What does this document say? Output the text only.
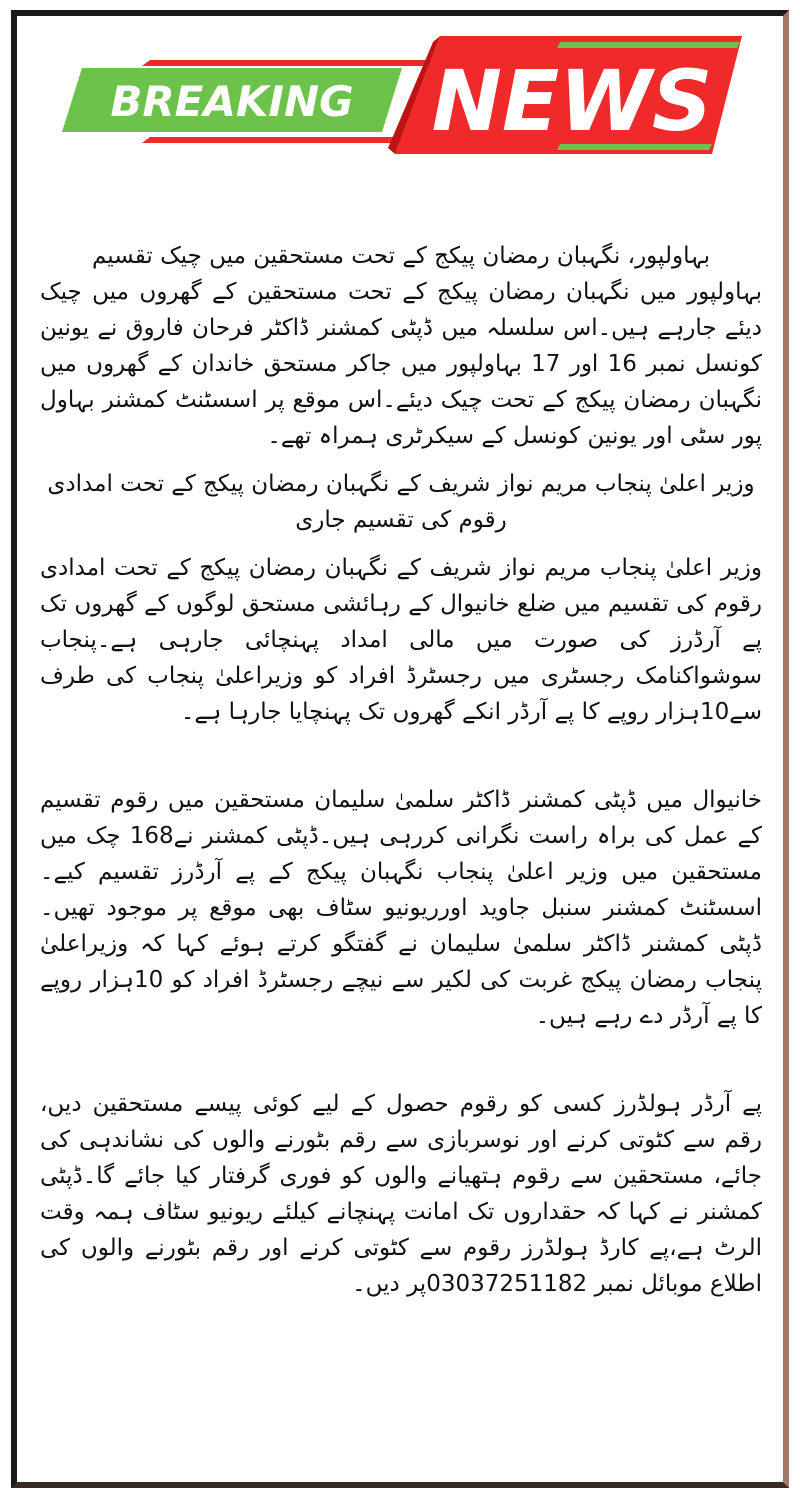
BREAKING NEWS

بہاولپور، نگہبان رمضان پیکج کے تحت مستحقین میں چیک تقسیم

بہاولپور میں نگہبان رمضان پیکج کے تحت مستحقین کے گھروں میں چیک دیئے جارہے ہیں۔اس سلسلہ میں ڈپٹی کمشنر ڈاکٹر فرحان فاروق نے یونین کونسل نمبر 16 اور 17 بہاولپور میں جاکر مستحق خاندان کے گھروں میں نگہبان رمضان پیکج کے تحت چیک دیئے۔اس موقع پر اسسٹنٹ کمشنر بہاول پور سٹی اور یونین کونسل کے سیکرٹری ہمراہ تھے۔

وزیر اعلیٰ پنجاب مریم نواز شریف کے نگہبان رمضان پیکج کے تحت امدادی رقوم کی تقسیم جاری

وزیر اعلیٰ پنجاب مریم نواز شریف کے نگہبان رمضان پیکج کے تحت امدادی رقوم کی تقسیم میں ضلع خانیوال کے رہائشی مستحق لوگوں کے گھروں تک پے آرڈرز کی صورت میں مالی امداد پہنچائی جارہی ہے۔پنجاب سوشواکنامک رجسٹری میں رجسٹرڈ افراد کو وزیراعلیٰ پنجاب کی طرف سے10ہزار روپے کا پے آرڈر انکے گھروں تک پہنچایا جارہا ہے۔

خانیوال میں ڈپٹی کمشنر ڈاکٹر سلمیٰ سلیمان مستحقین میں رقوم تقسیم کے عمل کی براہ راست نگرانی کررہی ہیں۔ڈپٹی کمشنر نے168 چک میں مستحقین میں وزیر اعلیٰ پنجاب نگہبان پیکج کے پے آرڈرز تقسیم کیے۔اسسٹنٹ کمشنر سنبل جاوید اورریونیو سٹاف بھی موقع پر موجود تھیں۔ڈپٹی کمشنر ڈاکٹر سلمیٰ سلیمان نے گفتگو کرتے ہوئے کہا کہ وزیراعلیٰ پنجاب رمضان پیکج غربت کی لکیر سے نیچے رجسٹرڈ افراد کو 10ہزار روپے کا پے آرڈر دے رہے ہیں۔

پے آرڈر ہولڈرز کسی کو رقوم حصول کے لیے کوئی پیسے مستحقین دیں، رقم سے کٹوتی کرنے اور نوسربازی سے رقم بٹورنے والوں کی نشاندہی کی جائے، مستحقین سے رقوم ہتھیانے والوں کو فوری گرفتار کیا جائے گا۔ڈپٹی کمشنر نے کہا کہ حقداروں تک امانت پہنچانے کیلئے ریونیو سٹاف ہمہ وقت الرٹ ہے،پے کارڈ ہولڈرز رقوم سے کٹوتی کرنے اور رقم بٹورنے والوں کی اطلاع موبائل نمبر 03037251182پر دیں۔
